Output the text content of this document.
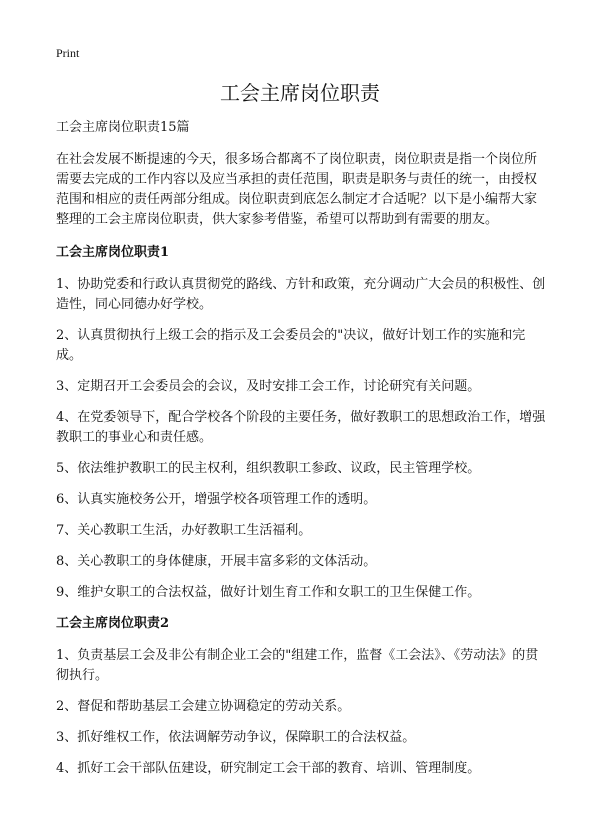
Print
工会主席岗位职责

工会主席岗位职责15篇

在社会发展不断提速的今天，很多场合都离不了岗位职责，岗位职责是指一个岗位所需要去完成的工作内容以及应当承担的责任范围，职责是职务与责任的统一，由授权范围和相应的责任两部分组成。岗位职责到底怎么制定才合适呢？以下是小编帮大家整理的工会主席岗位职责，供大家参考借鉴，希望可以帮助到有需要的朋友。

工会主席岗位职责1

1、协助党委和行政认真贯彻党的路线、方针和政策，充分调动广大会员的积极性、创造性，同心同德办好学校。

2、认真贯彻执行上级工会的指示及工会委员会的"决议，做好计划工作的实施和完成。

3、定期召开工会委员会的会议，及时安排工会工作，讨论研究有关问题。

4、在党委领导下，配合学校各个阶段的主要任务，做好教职工的思想政治工作，增强教职工的事业心和责任感。

5、依法维护教职工的民主权利，组织教职工参政、议政，民主管理学校。

6、认真实施校务公开，增强学校各项管理工作的透明。

7、关心教职工生活，办好教职工生活福利。

8、关心教职工的身体健康，开展丰富多彩的文体活动。

9、维护女职工的合法权益，做好计划生育工作和女职工的卫生保健工作。

工会主席岗位职责2

1、负责基层工会及非公有制企业工会的"组建工作，监督《工会法》、《劳动法》的贯彻执行。

2、督促和帮助基层工会建立协调稳定的劳动关系。

3、抓好维权工作，依法调解劳动争议，保障职工的合法权益。

4、抓好工会干部队伍建设，研究制定工会干部的教育、培训、管理制度。
